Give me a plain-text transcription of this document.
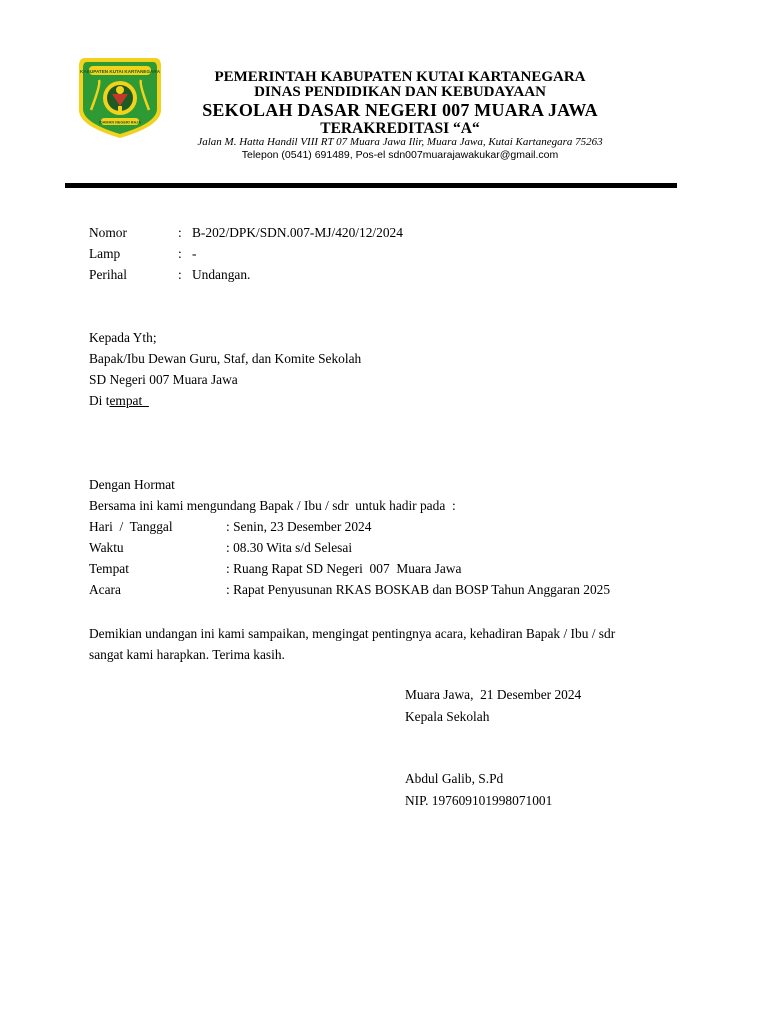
KABUPATEN KUTAI KARTANEGARA
IDAMAN NEGERI RAJA
PEMERINTAH KABUPATEN KUTAI KARTANEGARA
DINAS PENDIDIKAN DAN KEBUDAYAAN
SEKOLAH DASAR NEGERI 007 MUARA JAWA
TERAKREDITASI “A“
Jalan M. Hatta Handil VIII RT 07 Muara Jawa Ilir, Muara Jawa, Kutai Kartanegara 75263
Telepon (0541) 691489, Pos-el sdn007muarajawakukar@gmail.com
Nomor	: B-202/DPK/SDN.007-MJ/420/12/2024
Lamp	: -
Perihal	: Undangan.
Kepada Yth;
Bapak/Ibu Dewan Guru, Staf, dan Komite Sekolah
SD Negeri 007 Muara Jawa
Di tempat
Dengan Hormat
Bersama ini kami mengundang Bapak / Ibu / sdr  untuk hadir pada  :
Hari  /  Tanggal	: Senin, 23 Desember 2024
Waktu	: 08.30 Wita s/d Selesai
Tempat	: Ruang Rapat SD Negeri  007  Muara Jawa
Acara	: Rapat Penyusunan RKAS BOSKAB dan BOSP Tahun Anggaran 2025
Demikian undangan ini kami sampaikan, mengingat pentingnya acara, kehadiran Bapak / Ibu / sdr
sangat kami harapkan. Terima kasih.
Muara Jawa,  21 Desember 2024
Kepala Sekolah
Abdul Galib, S.Pd
NIP. 197609101998071001
